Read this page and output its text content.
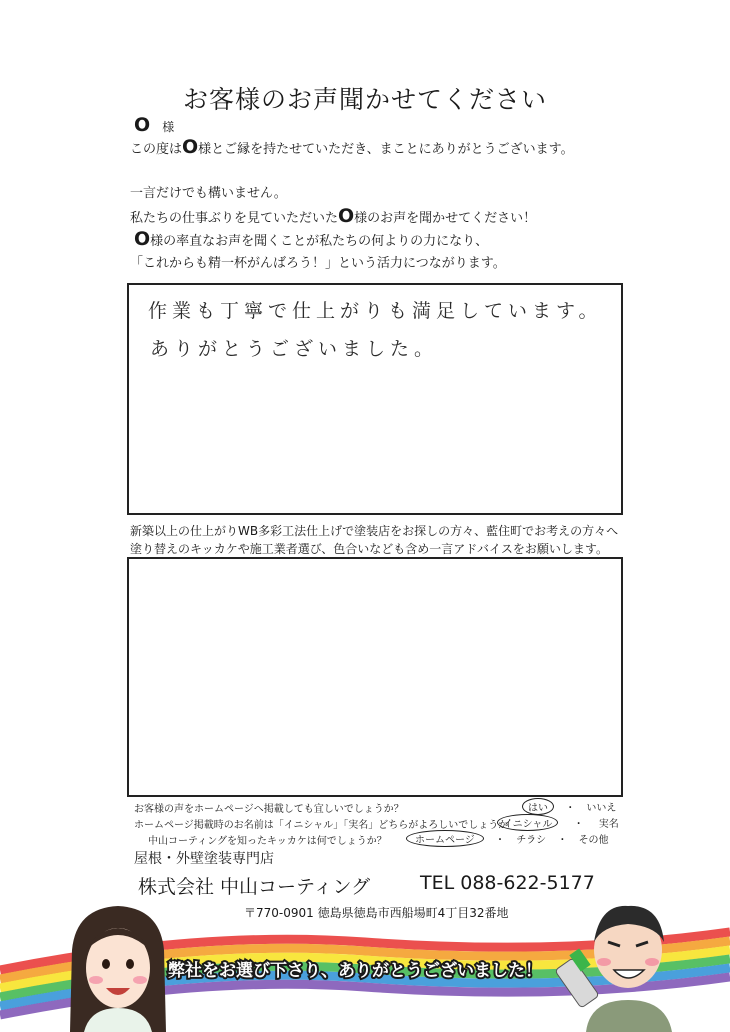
お客様のお声聞かせてください
O 様
この度はO様とご縁を持たせていただき、まことにありがとうございます。
一言だけでも構いません。
私たちの仕事ぶりを見ていただいたO様のお声を聞かせてください！
O様の率直なお声を聞くことが私たちの何よりの力になり、
「これからも精一杯がんばろう！」という活力につながります。
作業も丁寧で仕上がりも満足しています。
ありがとうございました。
新築以上の仕上がりWB多彩工法仕上げで塗装店をお探しの方々、藍住町でお考えの方々へ
塗り替えのキッカケや施工業者選び、色合いなども含め一言アドバイスをお願いします。
お客様の声をホームページへ掲載しても宜しいでしょうか？	はい ・ いいえ
ホームページ掲載時のお名前は「イニシャル」「実名」どちらがよろしいでしょうか
イニシャル ・ 実名
中山コーティングを知ったキッカケは何でしょうか？	ホームページ ・ チラシ ・ その他
屋根・外壁塗装専門店
株式会社 中山コーティング	TEL 088-622-5177
〒770-0901 徳島県徳島市西船場町4丁目32番地
弊社をお選び下さり、ありがとうございました！
